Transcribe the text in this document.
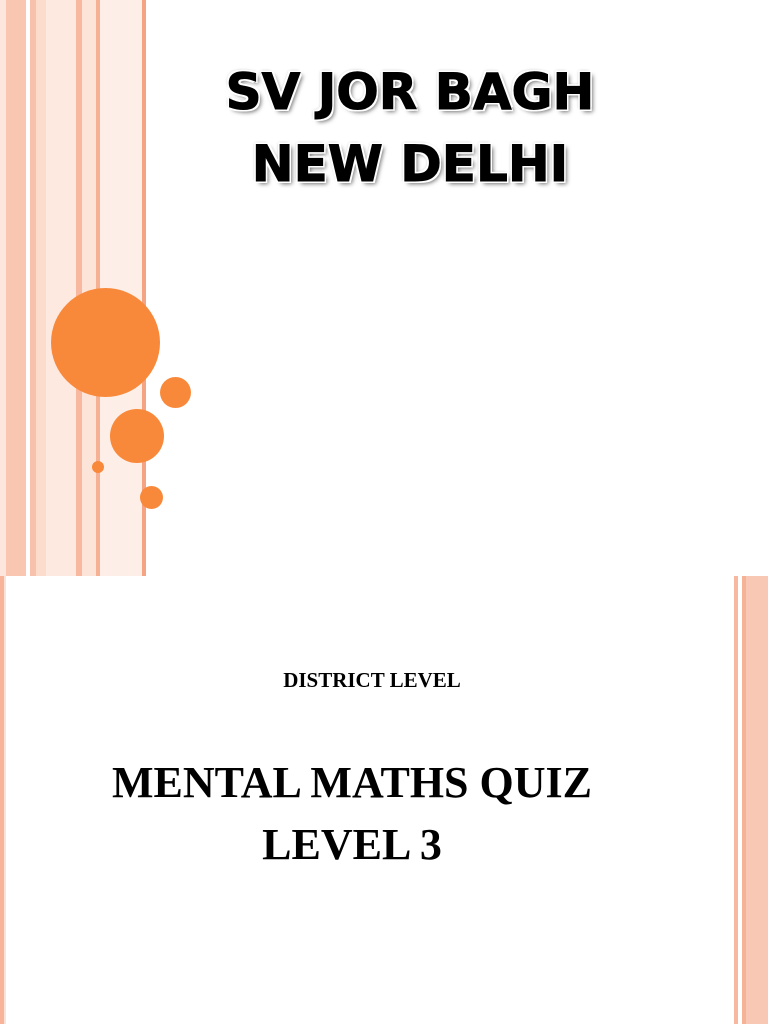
SV JOR BAGH
NEW DELHI

DISTRICT LEVEL

MENTAL MATHS QUIZ
LEVEL 3
